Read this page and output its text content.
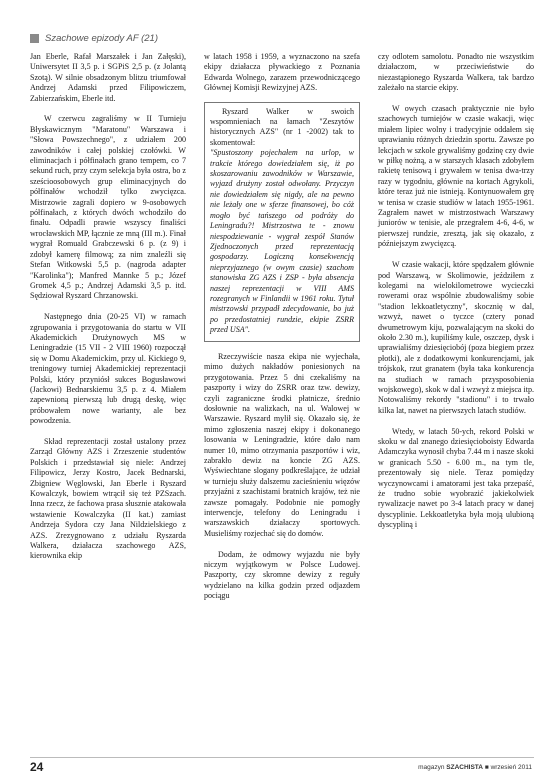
Szachowe epizody AF (21)

Jan Eberle, Rafał Marszałek i Jan Załęski), Uniwersytet II 3,5 p. i SGPiS 2,5 p. (z Jolantą Szotą). W silnie obsadzonym blitzu triumfował Andrzej Adamski przed Filipowiczem, Zabierzańskim, Eberle itd.

W czerwcu zagraliśmy w II Turnieju Błyskawicznym "Maratonu" Warszawa i "Słowa Powszechnego", z udziałem 200 zawodników i całej polskiej czołówki. W eliminacjach i półfinałach grano tempem, co 7 sekund ruch, przy czym selekcja była ostra, bo z sześcioosobowych grup eliminacyjnych do półfinałów wchodził tylko zwycięzca. Mistrzowie zagrali dopiero w 9-osobowych półfinałach, z których dwóch wchodziło do finału. Odpadli prawie wszyscy finaliści wrocławskich MP, łącznie ze mną (III m.). Finał wygrał Romuald Grabczewski 6 p. (z 9) i zdobył kamerę filmową; za nim znaleźli się Stefan Witkowski 5,5 p. (nagroda adapter "Karolinka"); Manfred Mannke 5 p.; Józef Gromek 4,5 p.; Andrzej Adamski 3,5 p. itd. Sędziował Ryszard Chrzanowski.

Następnego dnia (20-25 VI) w ramach zgrupowania i przygotowania do startu w VII Akademickich Drużynowych MS w Leningradzie (15 VII - 2 VIII 1960) rozpoczął się w Domu Akademickim, przy ul. Kickiego 9, treningowy turniej Akademickiej reprezentacji Polski, który przyniósł sukces Bogusławowi (Jackowi) Bednarskiemu 3,5 p. z 4. Miałem zapewnioną pierwszą lub drugą deskę, więc próbowałem nowe warianty, ale bez powodzenia.

Skład reprezentacji został ustalony przez Zarząd Główny AZS i Zrzeszenie studentów Polskich i przedstawiał się niele: Andrzej Filipowicz, Jerzy Kostro, Jacek Bednarski, Zbigniew Węglowski, Jan Eberle i Ryszard Kowalczyk, bowiem wtrącił się też PZSzach. Inna rzecz, że fachowa prasa słusznie atakowała wstawienie Kowalczyka (II kat.) zamiast Andrzeja Sydora czy Jana Nildzielskiego z AZS. Zrezygnowano z udziału Ryszarda Walkera, działacza szachowego AZS, kierownika ekip

w latach 1958 i 1959, a wyznaczono na szefa ekipy działacza pływackiego z Poznania Edwarda Wolnego, zarazem przewodniczącego Głównej Komisji Rewizyjnej AZS.

Ryszard Walker w swoich wspomnieniach na łamach "Zeszytów historycznych AZS" (nr 1 -2002) tak to skomentował:

"Spustoszony pojechałem na urlop, w trakcie którego dowiedziałem się, iż po skoszarowaniu zawodników w Warszawie, wyjazd drużyny został odwołany. Przyczyn nie dowiedziałem się nigdy, ale na pewno nie leżały one w sferze finansowej, bo cóż mogło być tańszego od podróży do Leningradu?! Mistrzostwa te - znowu niespodziewanie - wygrał zespół Stanów Zjednoczonych przed reprezentacją gospodarzy. Logiczną konsekwencją nieprzyjaznego (w owym czasie) szachom stanowiska ZG AZS i ZSP - była absencja naszej reprezentacji w VIII AMS rozegranych w Finlandii w 1961 roku. Tytuł mistrzowski przypadł zdecydowanie, bo już po przedostatniej rundzie, ekipie ZSRR przed USA".

Rzeczywiście nasza ekipa nie wyjechała, mimo dużych nakładów poniesionych na przygotowania. Przez 5 dni czekaliśmy na paszporty i wizy do ZSRR oraz tzw. dewizy, czyli zagraniczne środki płatnicze, średnio dosłownie na walizkach, na ul. Walowej w Warszawie. Ryszard mylił się. Okazało się, że mimo zgłoszenia naszej ekipy i dokonanego losowania w Leningradzie, które dało nam numer 10, mimo otrzymania paszportów i wiz, zabrakło dewiz na koncie ZG AZS. Wyświechtane slogany podkreślające, że udział w turnieju służy dalszemu zacieśnieniu więzów przyjaźni z szachistami bratnich krajów, też nie zawsze pomagały. Podobnie nie pomogły interwencje, telefony do Leningradu i warszawskich działaczy sportowych. Musieliśmy rozjechać się do domów.

Dodam, że odmowy wyjazdu nie były niczym wyjątkowym w Polsce Ludowej. Paszporty, czy skromne dewizy z reguły wydzielano na kilka godzin przed odjazdem pociągu

czy odlotem samolotu. Ponadto nie wszystkim działaczom, w przeciwieństwie do niezastąpionego Ryszarda Walkera, tak bardzo zależało na starcie ekipy.

W owych czasach praktycznie nie było szachowych turniejów w czasie wakacji, więc miałem lipiec wolny i tradycyjnie oddałem się uprawianiu różnych dziedzin sportu. Zawsze po lekcjach w szkole grywaliśmy godzinę czy dwie w piłkę nożną, a w starszych klasach zdobyłem rakietę tenisową i grywałem w tenisa dwa-trzy razy w tygodniu, głównie na kortach Agrykoli, które teraz już nie istnieją. Kontynuowałem grę w tenisa w czasie studiów w latach 1955-1961. Zagrałem nawet w mistrzostwach Warszawy juniorów w tenisie, ale przegrałem 4-6, 4-6, w pierwszej rundzie, zresztą, jak się okazało, z późniejszym zwycięzcą.

W czasie wakacji, które spędzałem głównie pod Warszawą, w Skolimowie, jeździłem z kolegami na wielokilometrowe wycieczki rowerami oraz wspólnie zbudowaliśmy sobie "stadion lekkoatletyczny", skocznię w dal, wzwyż, nawet o tyczce (cztery ponad dwumetrowym kiju, pozwalającym na skoki do około 2.30 m.), kupiliśmy kule, oszczep, dysk i uprawialiśmy dziesięciobój (poza biegiem przez płotki), ale z dodatkowymi konkurencjami, jak trójskok, rzut granatem (była taka konkurencja na studiach w ramach przysposobienia wojskowego), skok w dal i wzwyż z miejsca itp. Notowaliśmy rekordy "stadionu" i to trwało kilka lat, nawet na pierwszych latach studiów.

Wtedy, w latach 50-ych, rekord Polski w skoku w dal znanego dziesięcioboisty Edwarda Adamczyka wynosił chyba 7.44 m i nasze skoki w granicach 5.50 - 6.00 m., na tym tle, prezentowały się niele. Teraz pomiędzy wyczynowcami i amatorami jest taka przepaść, że trudno sobie wyobrazić jakiekolwiek rywalizacje nawet po 3-4 latach pracy w danej dyscyplinie. Lekkoatletyka była moją ulubioną dyscypliną i

24	magazyn SZACHISTA ■ wrzesień 2011
